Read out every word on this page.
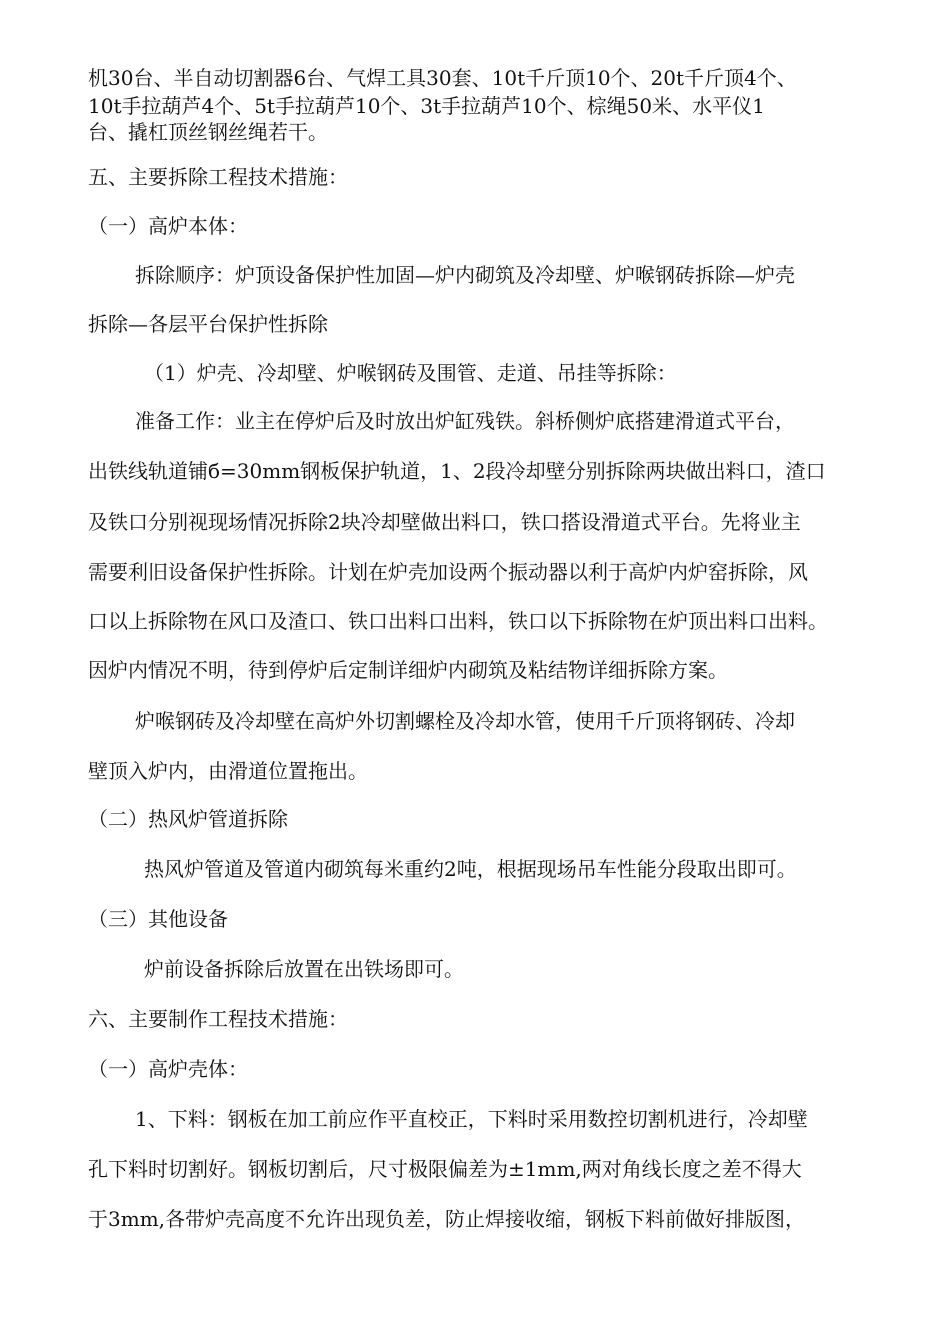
机30台、半自动切割器6台、气焊工具30套、10t千斤顶10个、20t千斤顶4个、
10t手拉葫芦4个、5t手拉葫芦10个、3t手拉葫芦10个、棕绳50米、水平仪1
台、撬杠顶丝钢丝绳若干。
五、主要拆除工程技术措施：
（一）高炉本体：
拆除顺序：炉顶设备保护性加固—炉内砌筑及冷却壁、炉喉钢砖拆除—炉壳
拆除—各层平台保护性拆除
（1）炉壳、冷却壁、炉喉钢砖及围管、走道、吊挂等拆除：
准备工作：业主在停炉后及时放出炉缸残铁。斜桥侧炉底搭建滑道式平台，
出铁线轨道铺б=30mm钢板保护轨道，1、2段冷却壁分别拆除两块做出料口，渣口
及铁口分别视现场情况拆除2块冷却壁做出料口，铁口搭设滑道式平台。先将业主
需要利旧设备保护性拆除。计划在炉壳加设两个振动器以利于高炉内炉窑拆除，风
口以上拆除物在风口及渣口、铁口出料口出料，铁口以下拆除物在炉顶出料口出料。
因炉内情况不明，待到停炉后定制详细炉内砌筑及粘结物详细拆除方案。
炉喉钢砖及冷却壁在高炉外切割螺栓及冷却水管，使用千斤顶将钢砖、冷却
壁顶入炉内，由滑道位置拖出。
（二）热风炉管道拆除
热风炉管道及管道内砌筑每米重约2吨，根据现场吊车性能分段取出即可。
（三）其他设备
炉前设备拆除后放置在出铁场即可。
六、主要制作工程技术措施：
（一）高炉壳体：
1、下料：钢板在加工前应作平直校正，下料时采用数控切割机进行，冷却壁
孔下料时切割好。钢板切割后，尺寸极限偏差为±1mm,两对角线长度之差不得大
于3mm,各带炉壳高度不允许出现负差，防止焊接收缩，钢板下料前做好排版图，
